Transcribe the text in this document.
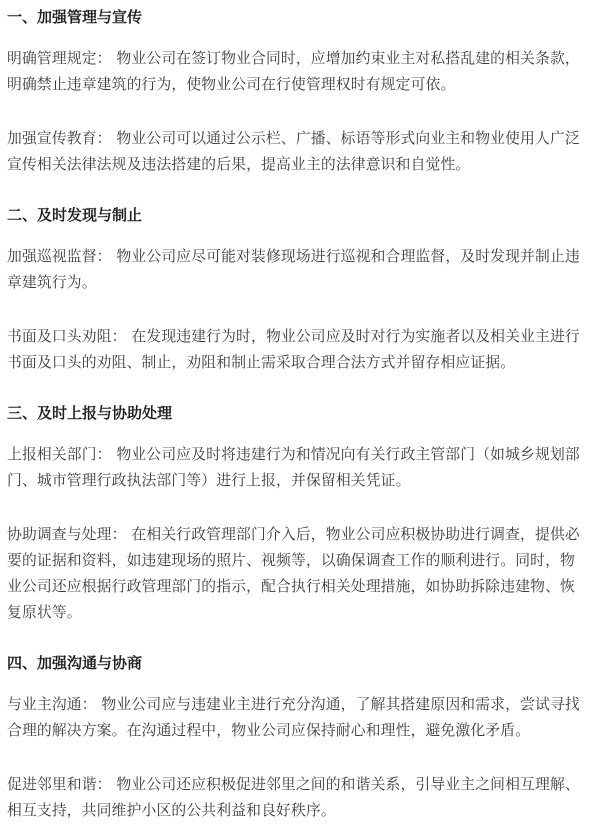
一、加强管理与宣传

明确管理规定： 物业公司在签订物业合同时，应增加约束业主对私搭乱建的相关条款，明确禁止违章建筑的行为，使物业公司在行使管理权时有规定可依。

加强宣传教育： 物业公司可以通过公示栏、广播、标语等形式向业主和物业使用人广泛宣传相关法律法规及违法搭建的后果，提高业主的法律意识和自觉性。

二、及时发现与制止

加强巡视监督： 物业公司应尽可能对装修现场进行巡视和合理监督，及时发现并制止违章建筑行为。

书面及口头劝阻： 在发现违建行为时，物业公司应及时对行为实施者以及相关业主进行书面及口头的劝阻、制止，劝阻和制止需采取合理合法方式并留存相应证据。

三、及时上报与协助处理

上报相关部门： 物业公司应及时将违建行为和情况向有关行政主管部门（如城乡规划部门、城市管理行政执法部门等）进行上报，并保留相关凭证。

协助调查与处理： 在相关行政管理部门介入后，物业公司应积极协助进行调查，提供必要的证据和资料，如违建现场的照片、视频等，以确保调查工作的顺利进行。同时，物业公司还应根据行政管理部门的指示，配合执行相关处理措施，如协助拆除违建物、恢复原状等。

四、加强沟通与协商

与业主沟通： 物业公司应与违建业主进行充分沟通，了解其搭建原因和需求，尝试寻找合理的解决方案。在沟通过程中，物业公司应保持耐心和理性，避免激化矛盾。

促进邻里和谐： 物业公司还应积极促进邻里之间的和谐关系，引导业主之间相互理解、相互支持，共同维护小区的公共利益和良好秩序。
